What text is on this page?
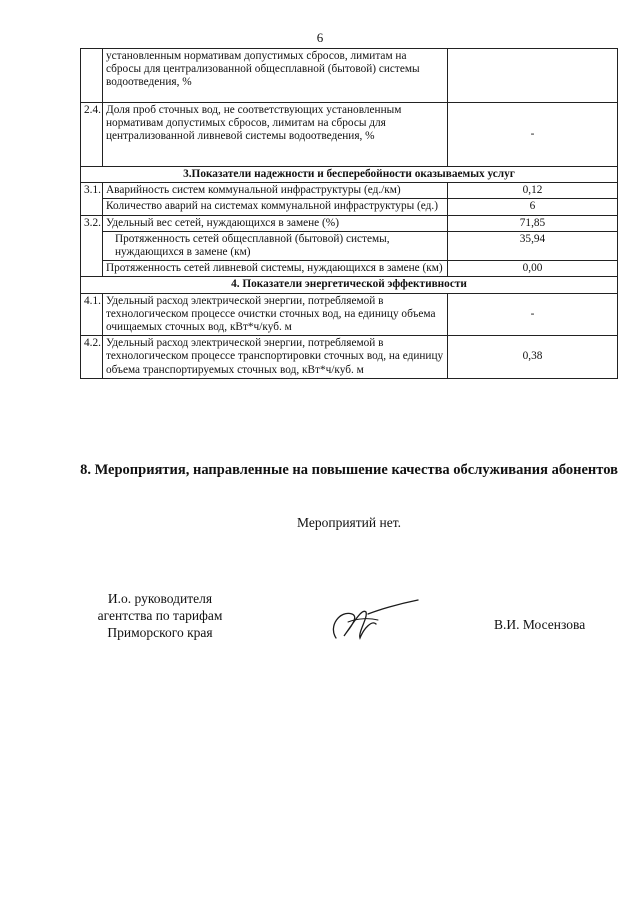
6
	установленным нормативам допустимых сбросов, лимитам на сбросы для централизованной общесплавной (бытовой) системы водоотведения, %	
2.4.	Доля проб сточных вод, не соответствующих установленным нормативам допустимых сбросов, лимитам на сбросы для централизованной ливневой системы водоотведения, %	-
3.Показатели надежности и бесперебойности оказываемых услуг		
3.1.	Аварийность систем коммунальной инфраструктуры (ед./км)	0,12
	Количество аварий на системах коммунальной инфраструктуры (ед.)	6
3.2.	Удельный вес сетей, нуждающихся в замене (%)	71,85
	Протяженность сетей общесплавной (бытовой) системы, нуждающихся в замене (км)	35,94
	Протяженность сетей ливневой системы, нуждающихся в замене (км)	0,00
4. Показатели энергетической эффективности		
4.1.	Удельный расход электрической энергии, потребляемой в технологическом процессе очистки сточных вод, на единицу объема очищаемых сточных вод, кВт*ч/куб. м	-
4.2.	Удельный расход электрической энергии, потребляемой в технологическом процессе транспортировки сточных вод, на единицу объема транспортируемых сточных вод, кВт*ч/куб. м	0,38
8. Мероприятия, направленные на повышение качества обслуживания абонентов
Мероприятий нет.
И.о. руководителя
агентства по тарифам
Приморского края
В.И. Мосензова
